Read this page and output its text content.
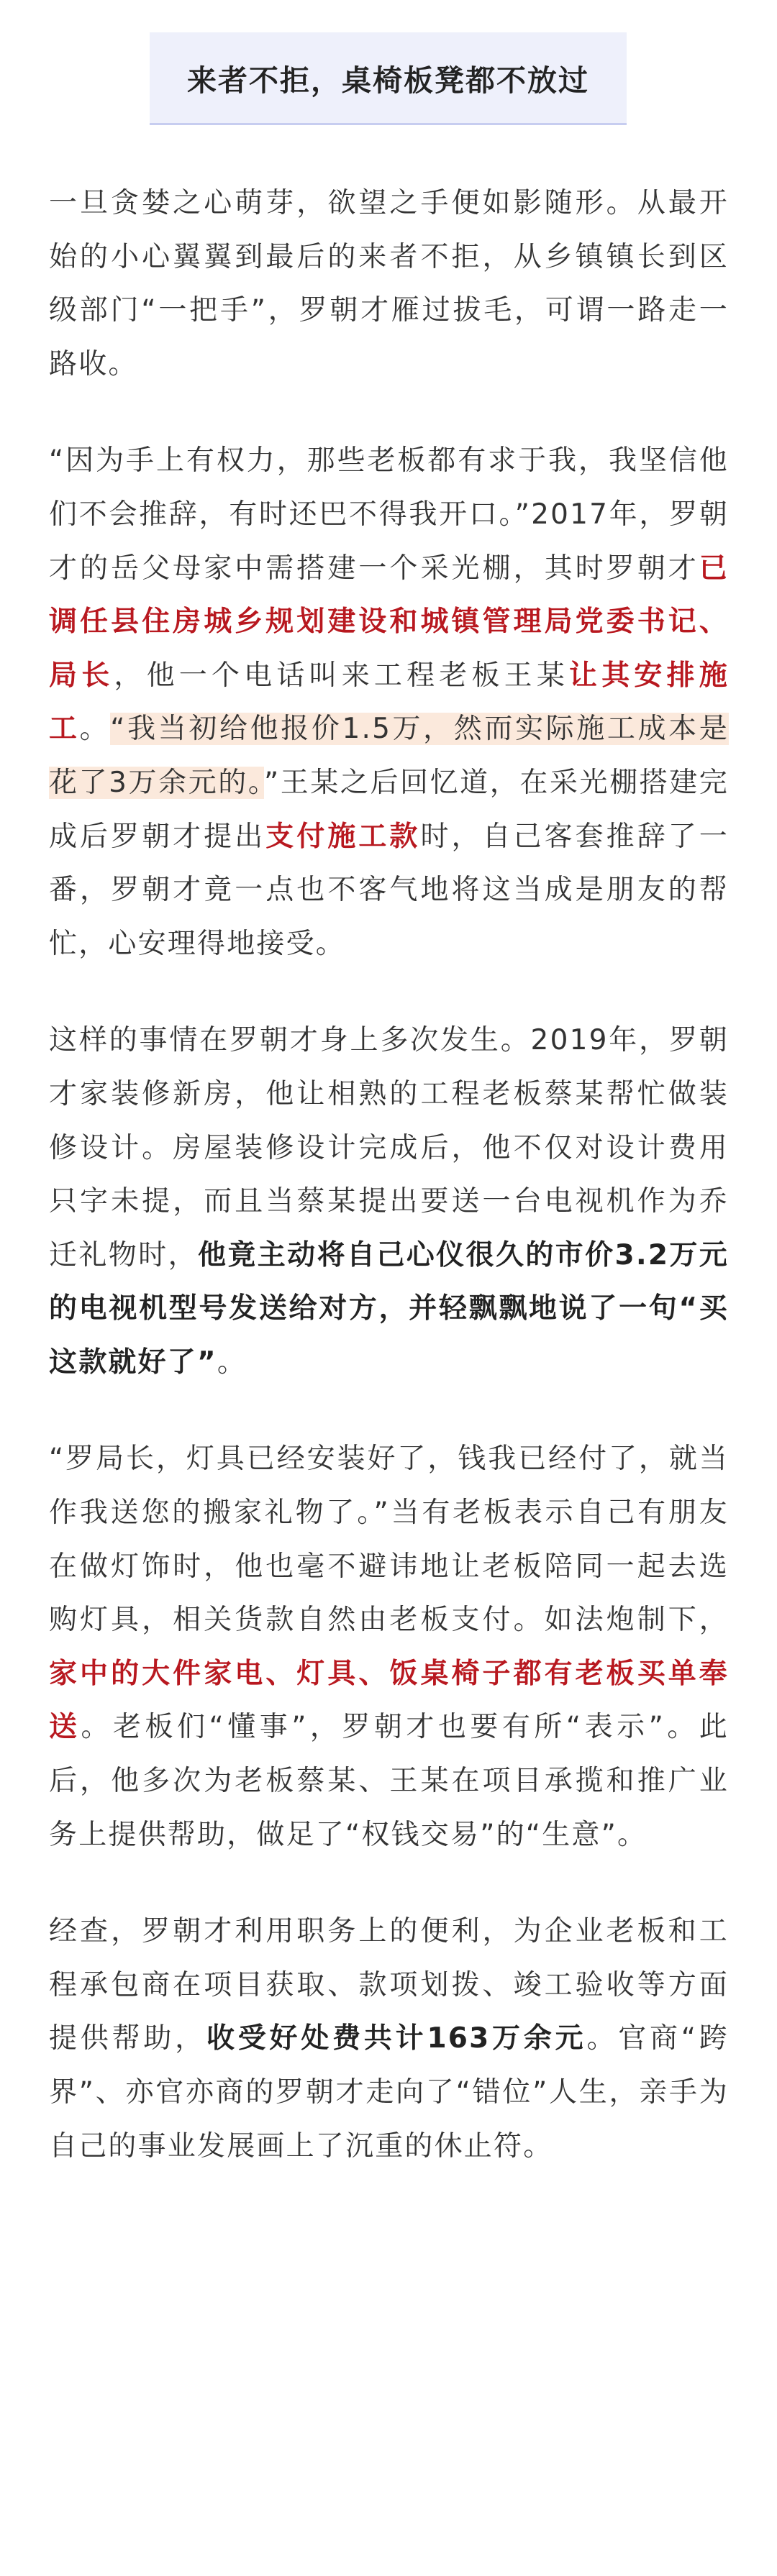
来者不拒，桌椅板凳都不放过

一旦贪婪之心萌芽，欲望之手便如影随形。从最开始的小心翼翼到最后的来者不拒，从乡镇镇长到区级部门“一把手”，罗朝才雁过拔毛，可谓一路走一路收。

“因为手上有权力，那些老板都有求于我，我坚信他们不会推辞，有时还巴不得我开口。”2017年，罗朝才的岳父母家中需搭建一个采光棚，其时罗朝才已调任县住房城乡规划建设和城镇管理局党委书记、局长，他一个电话叫来工程老板王某让其安排施工。“我当初给他报价1.5万，然而实际施工成本是花了3万余元的。”王某之后回忆道，在采光棚搭建完成后罗朝才提出支付施工款时，自己客套推辞了一番，罗朝才竟一点也不客气地将这当成是朋友的帮忙，心安理得地接受。

这样的事情在罗朝才身上多次发生。2019年，罗朝才家装修新房，他让相熟的工程老板蔡某帮忙做装修设计。房屋装修设计完成后，他不仅对设计费用只字未提，而且当蔡某提出要送一台电视机作为乔迁礼物时，他竟主动将自己心仪很久的市价3.2万元的电视机型号发送给对方，并轻飘飘地说了一句“买这款就好了”。

“罗局长，灯具已经安装好了，钱我已经付了，就当作我送您的搬家礼物了。”当有老板表示自己有朋友在做灯饰时，他也毫不避讳地让老板陪同一起去选购灯具，相关货款自然由老板支付。如法炮制下，家中的大件家电、灯具、饭桌椅子都有老板买单奉送。老板们“懂事”，罗朝才也要有所“表示”。此后，他多次为老板蔡某、王某在项目承揽和推广业务上提供帮助，做足了“权钱交易”的“生意”。

经查，罗朝才利用职务上的便利，为企业老板和工程承包商在项目获取、款项划拨、竣工验收等方面提供帮助，收受好处费共计163万余元。官商“跨界”、亦官亦商的罗朝才走向了“错位”人生，亲手为自己的事业发展画上了沉重的休止符。
